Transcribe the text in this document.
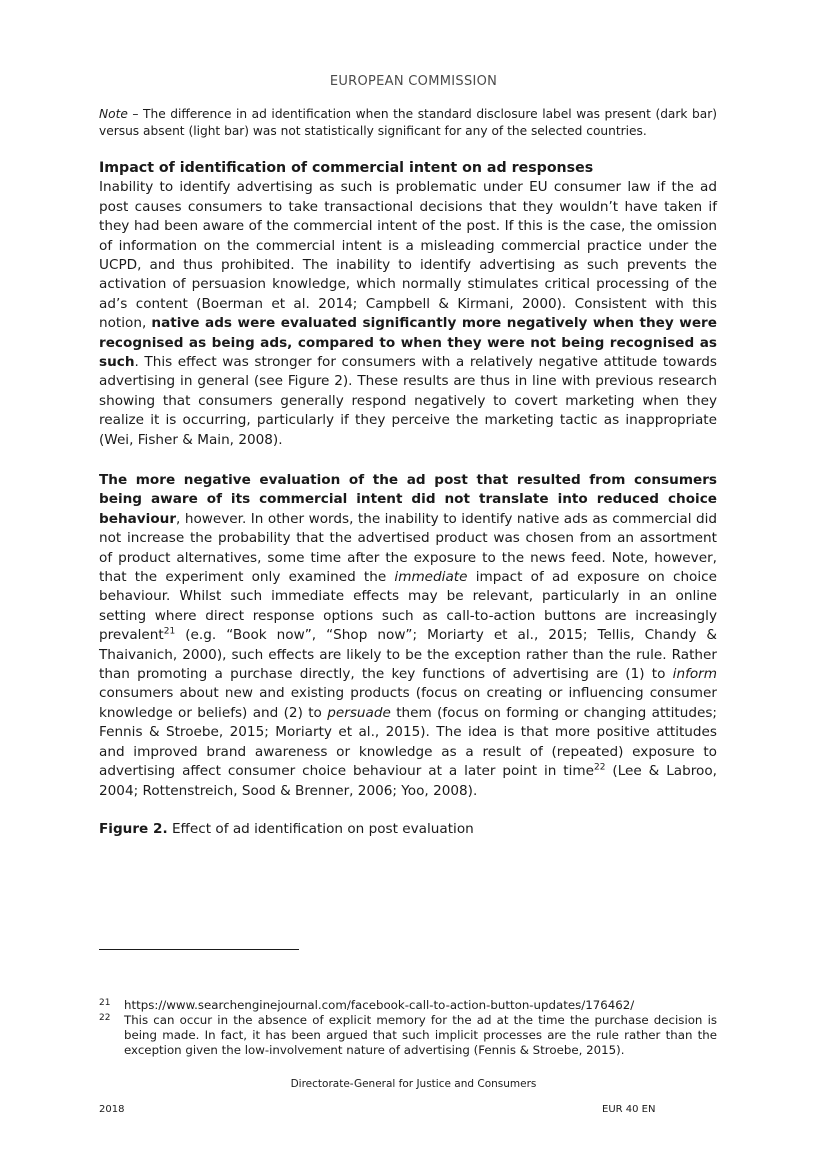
EUROPEAN COMMISSION
Note – The difference in ad identification when the standard disclosure label was present (dark bar) versus absent (light bar) was not statistically significant for any of the selected countries.
Impact of identification of commercial intent on ad responses
Inability to identify advertising as such is problematic under EU consumer law if the ad post causes consumers to take transactional decisions that they wouldn’t have taken if they had been aware of the commercial intent of the post. If this is the case, the omission of information on the commercial intent is a misleading commercial practice under the UCPD, and thus prohibited. The inability to identify advertising as such prevents the activation of persuasion knowledge, which normally stimulates critical processing of the ad’s content (Boerman et al. 2014; Campbell & Kirmani, 2000). Consistent with this notion, native ads were evaluated significantly more negatively when they were recognised as being ads, compared to when they were not being recognised as such. This effect was stronger for consumers with a relatively negative attitude towards advertising in general (see Figure 2). These results are thus in line with previous research showing that consumers generally respond negatively to covert marketing when they realize it is occurring, particularly if they perceive the marketing tactic as inappropriate (Wei, Fisher & Main, 2008).
The more negative evaluation of the ad post that resulted from consumers being aware of its commercial intent did not translate into reduced choice behaviour, however. In other words, the inability to identify native ads as commercial did not increase the probability that the advertised product was chosen from an assortment of product alternatives, some time after the exposure to the news feed. Note, however, that the experiment only examined the immediate impact of ad exposure on choice behaviour. Whilst such immediate effects may be relevant, particularly in an online setting where direct response options such as call-to-action buttons are increasingly prevalent$^{21}$ (e.g. “Book now”, “Shop now”; Moriarty et al., 2015; Tellis, Chandy & Thaivanich, 2000), such effects are likely to be the exception rather than the rule. Rather than promoting a purchase directly, the key functions of advertising are (1) to inform consumers about new and existing products (focus on creating or influencing consumer knowledge or beliefs) and (2) to persuade them (focus on forming or changing attitudes; Fennis & Stroebe, 2015; Moriarty et al., 2015). The idea is that more positive attitudes and improved brand awareness or knowledge as a result of (repeated) exposure to advertising affect consumer choice behaviour at a later point in time$^{22}$ (Lee & Labroo, 2004; Rottenstreich, Sood & Brenner, 2006; Yoo, 2008).
Figure 2. Effect of ad identification on post evaluation
21 https://www.searchenginejournal.com/facebook-call-to-action-button-updates/176462/
22 This can occur in the absence of explicit memory for the ad at the time the purchase decision is being made. In fact, it has been argued that such implicit processes are the rule rather than the exception given the low-involvement nature of advertising (Fennis & Stroebe, 2015).
Directorate-General for Justice and Consumers
2018	EUR 40 EN
